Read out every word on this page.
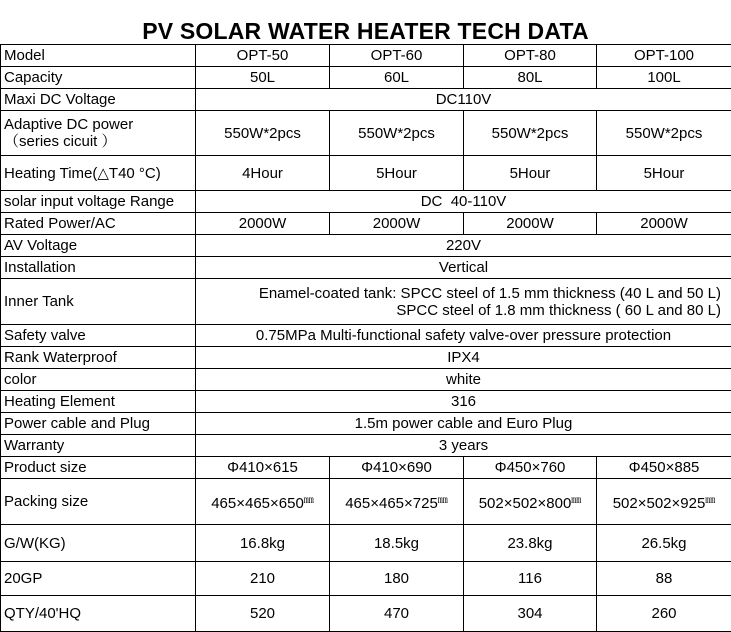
PV SOLAR WATER HEATER TECH DATA
Model	OPT-50	OPT-60	OPT-80	OPT-100
Capacity	50L	60L	80L	100L
Maxi DC Voltage	DC110V			

Adaptive DC power
（series cicuit ）	550W*2pcs	550W*2pcs	550W*2pcs	550W*2pcs
Heating Time(△T40 °C)	4Hour	5Hour	5Hour	5Hour
solar input voltage Range	DC  40-110V			
Rated Power/AC	2000W	2000W	2000W	2000W
AV Voltage	220V			
Installation	Vertical			
Inner Tank	Enamel-coated tank: SPCC steel of 1.5 mm thickness (40 L and 50 L)
SPCC steel of 1.8 mm thickness ( 60 L and 80 L)			

Safety valve	0.75MPa Multi-functional safety valve-over pressure protection			
Rank Waterproof	IPX4			
color	white			
Heating Element	316			
Power cable and Plug	1.5m power cable and Euro Plug			
Warranty	3 years			
Product size	Φ410×615	Φ410×690	Φ450×760	Φ450×885
Packing size	465×465×650㎜	465×465×725㎜	502×502×800㎜	502×502×925㎜
G/W(KG)	16.8kg	18.5kg	23.8kg	26.5kg
20GP	210	180	116	88
QTY/40'HQ	520	470	304	260
